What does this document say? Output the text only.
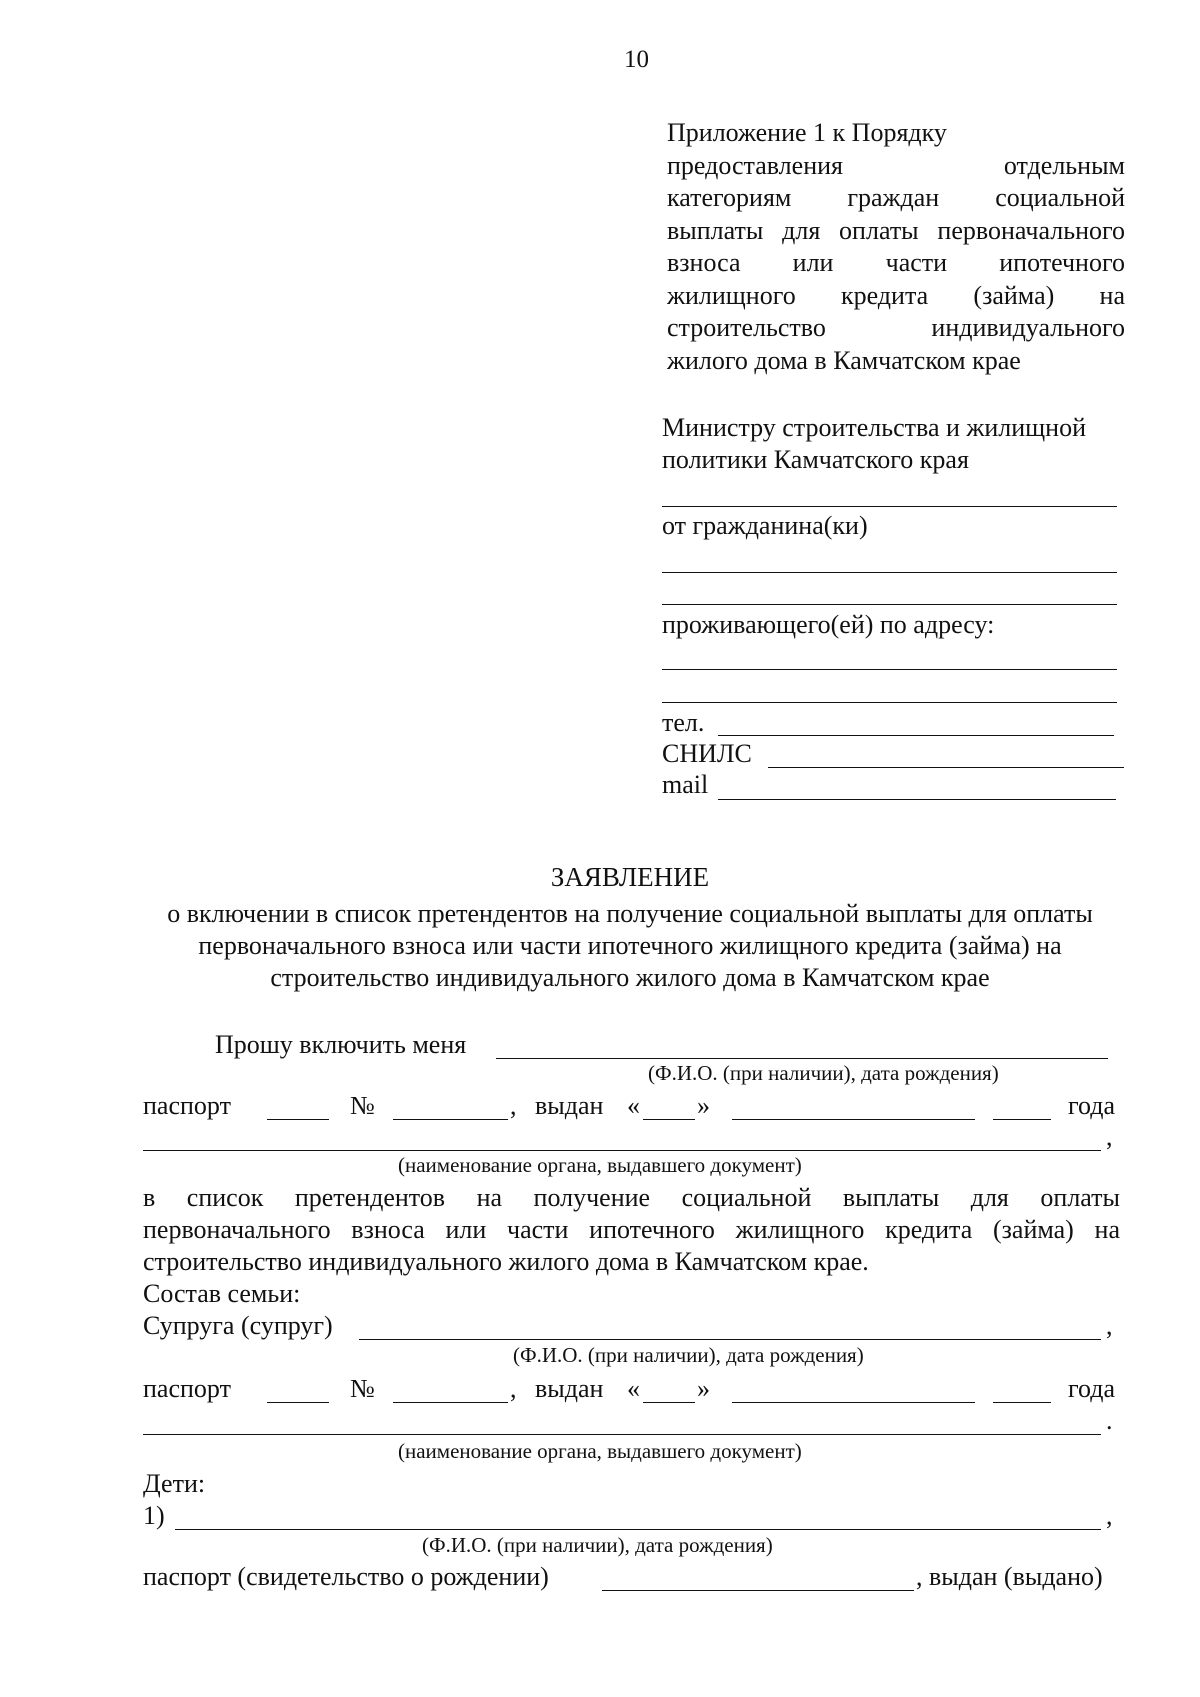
10
Приложение 1 к Порядку
предоставления отдельным
категориям граждан социальной
выплаты для оплаты первоначального
взноса или части ипотечного
жилищного кредита (займа) на
строительство индивидуального
жилого дома в Камчатском крае
Министру строительства и жилищной
политики Камчатского края
от гражданина(ки)
проживающего(ей) по адресу:
тел.
СНИЛС
mail
ЗАЯВЛЕНИЕ
о включении в список претендентов на получение социальной выплаты для оплаты первоначального взноса или части ипотечного жилищного кредита (займа) на строительство индивидуального жилого дома в Камчатском крае
Прошу включить меня
(Ф.И.О. (при наличии), дата рождения)
паспорт	№	, выдан « »	года
,
(наименование органа, выдавшего документ)
в список претендентов на получение социальной выплаты для оплаты
первоначального взноса или части ипотечного жилищного кредита (займа) на
строительство индивидуального жилого дома в Камчатском крае.
Состав семьи:
Супруга (супруг)	,
(Ф.И.О. (при наличии), дата рождения)
паспорт	№	, выдан « »	года
.
(наименование органа, выдавшего документ)
Дети:
1)	,
(Ф.И.О. (при наличии), дата рождения)
паспорт (свидетельство о рождении)	, выдан (выдано)
